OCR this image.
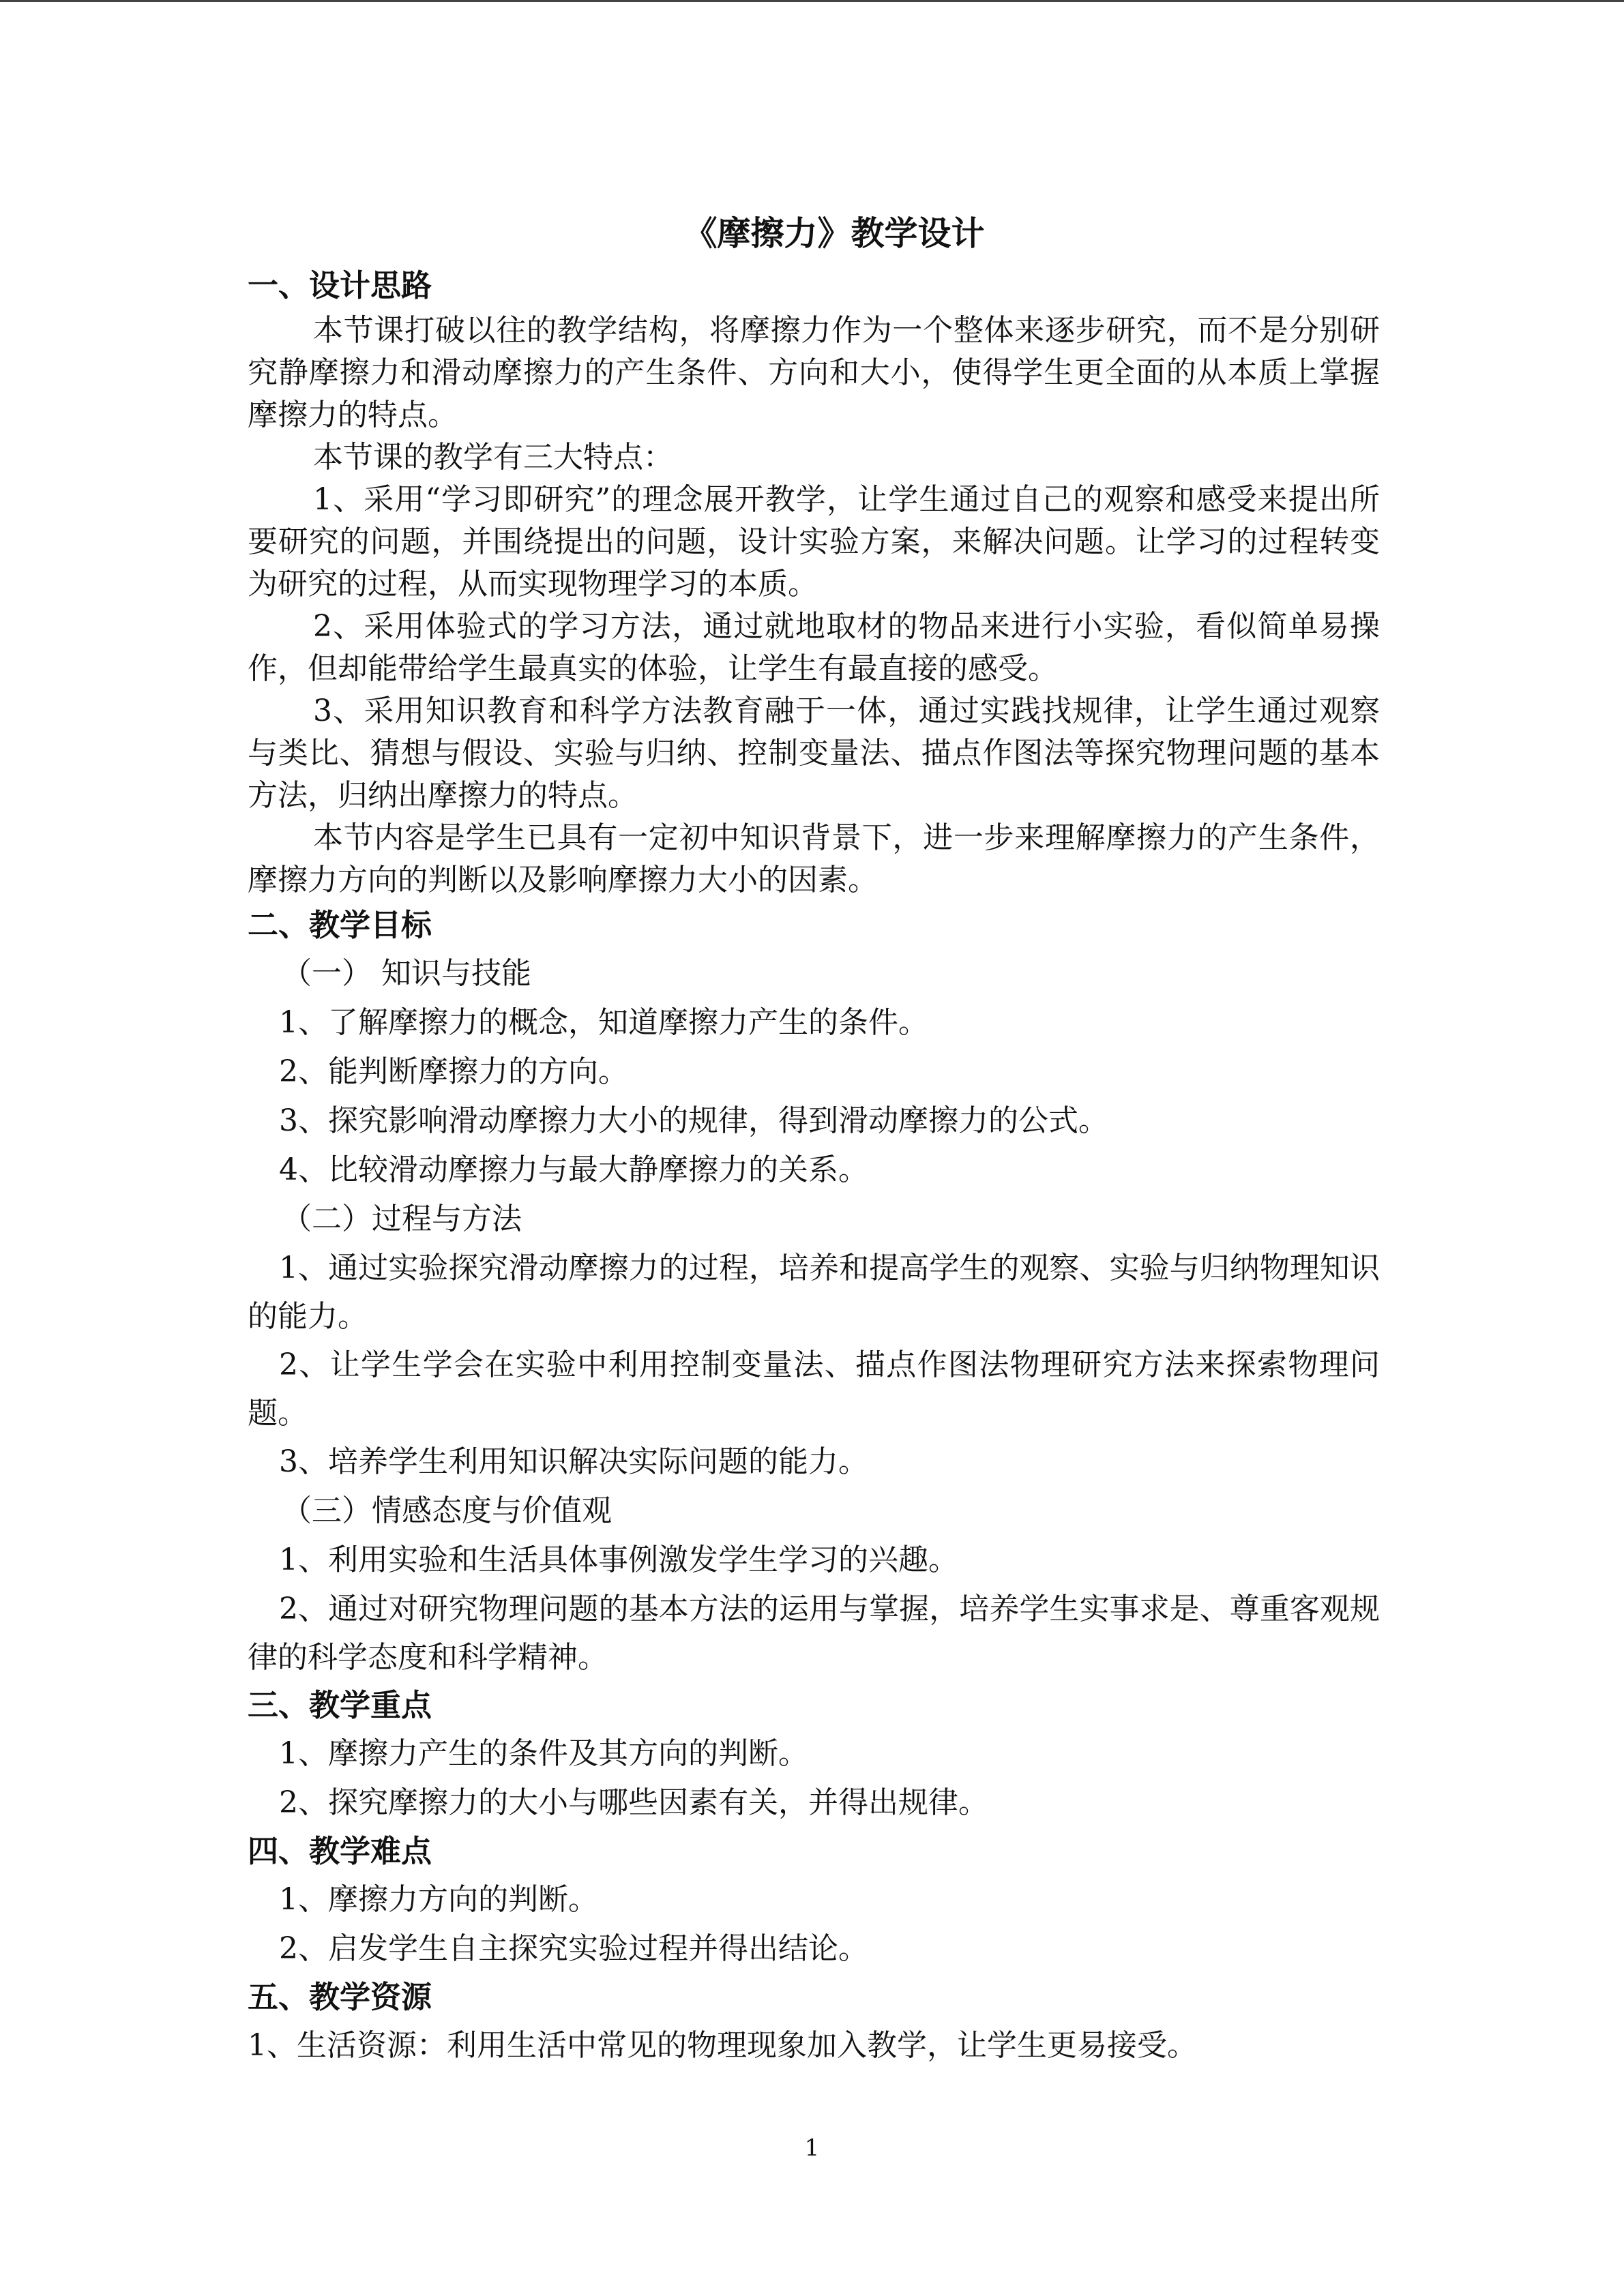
《摩擦力》教学设计
一、设计思路
本节课打破以往的教学结构，将摩擦力作为一个整体来逐步研究，而不是分别研究静摩擦力和滑动摩擦力的产生条件、方向和大小，使得学生更全面的从本质上掌握摩擦力的特点。
本节课的教学有三大特点：
1、采用“学习即研究”的理念展开教学，让学生通过自己的观察和感受来提出所要研究的问题，并围绕提出的问题，设计实验方案，来解决问题。让学习的过程转变为研究的过程，从而实现物理学习的本质。
2、采用体验式的学习方法，通过就地取材的物品来进行小实验，看似简单易操作，但却能带给学生最真实的体验，让学生有最直接的感受。
3、采用知识教育和科学方法教育融于一体，通过实践找规律，让学生通过观察与类比、猜想与假设、实验与归纳、控制变量法、描点作图法等探究物理问题的基本方法，归纳出摩擦力的特点。
本节内容是学生已具有一定初中知识背景下，进一步来理解摩擦力的产生条件，摩擦力方向的判断以及影响摩擦力大小的因素。
二、教学目标
（一） 知识与技能
1、了解摩擦力的概念，知道摩擦力产生的条件。
2、能判断摩擦力的方向。
3、探究影响滑动摩擦力大小的规律，得到滑动摩擦力的公式。
4、比较滑动摩擦力与最大静摩擦力的关系。
（二）过程与方法
1、通过实验探究滑动摩擦力的过程，培养和提高学生的观察、实验与归纳物理知识的能力。
2、让学生学会在实验中利用控制变量法、描点作图法物理研究方法来探索物理问题。
3、培养学生利用知识解决实际问题的能力。
（三）情感态度与价值观
1、利用实验和生活具体事例激发学生学习的兴趣。
2、通过对研究物理问题的基本方法的运用与掌握，培养学生实事求是、尊重客观规律的科学态度和科学精神。
三、教学重点
1、摩擦力产生的条件及其方向的判断。
2、探究摩擦力的大小与哪些因素有关，并得出规律。
四、教学难点
1、摩擦力方向的判断。
2、启发学生自主探究实验过程并得出结论。
五、教学资源
1、生活资源：利用生活中常见的物理现象加入教学，让学生更易接受。
1
